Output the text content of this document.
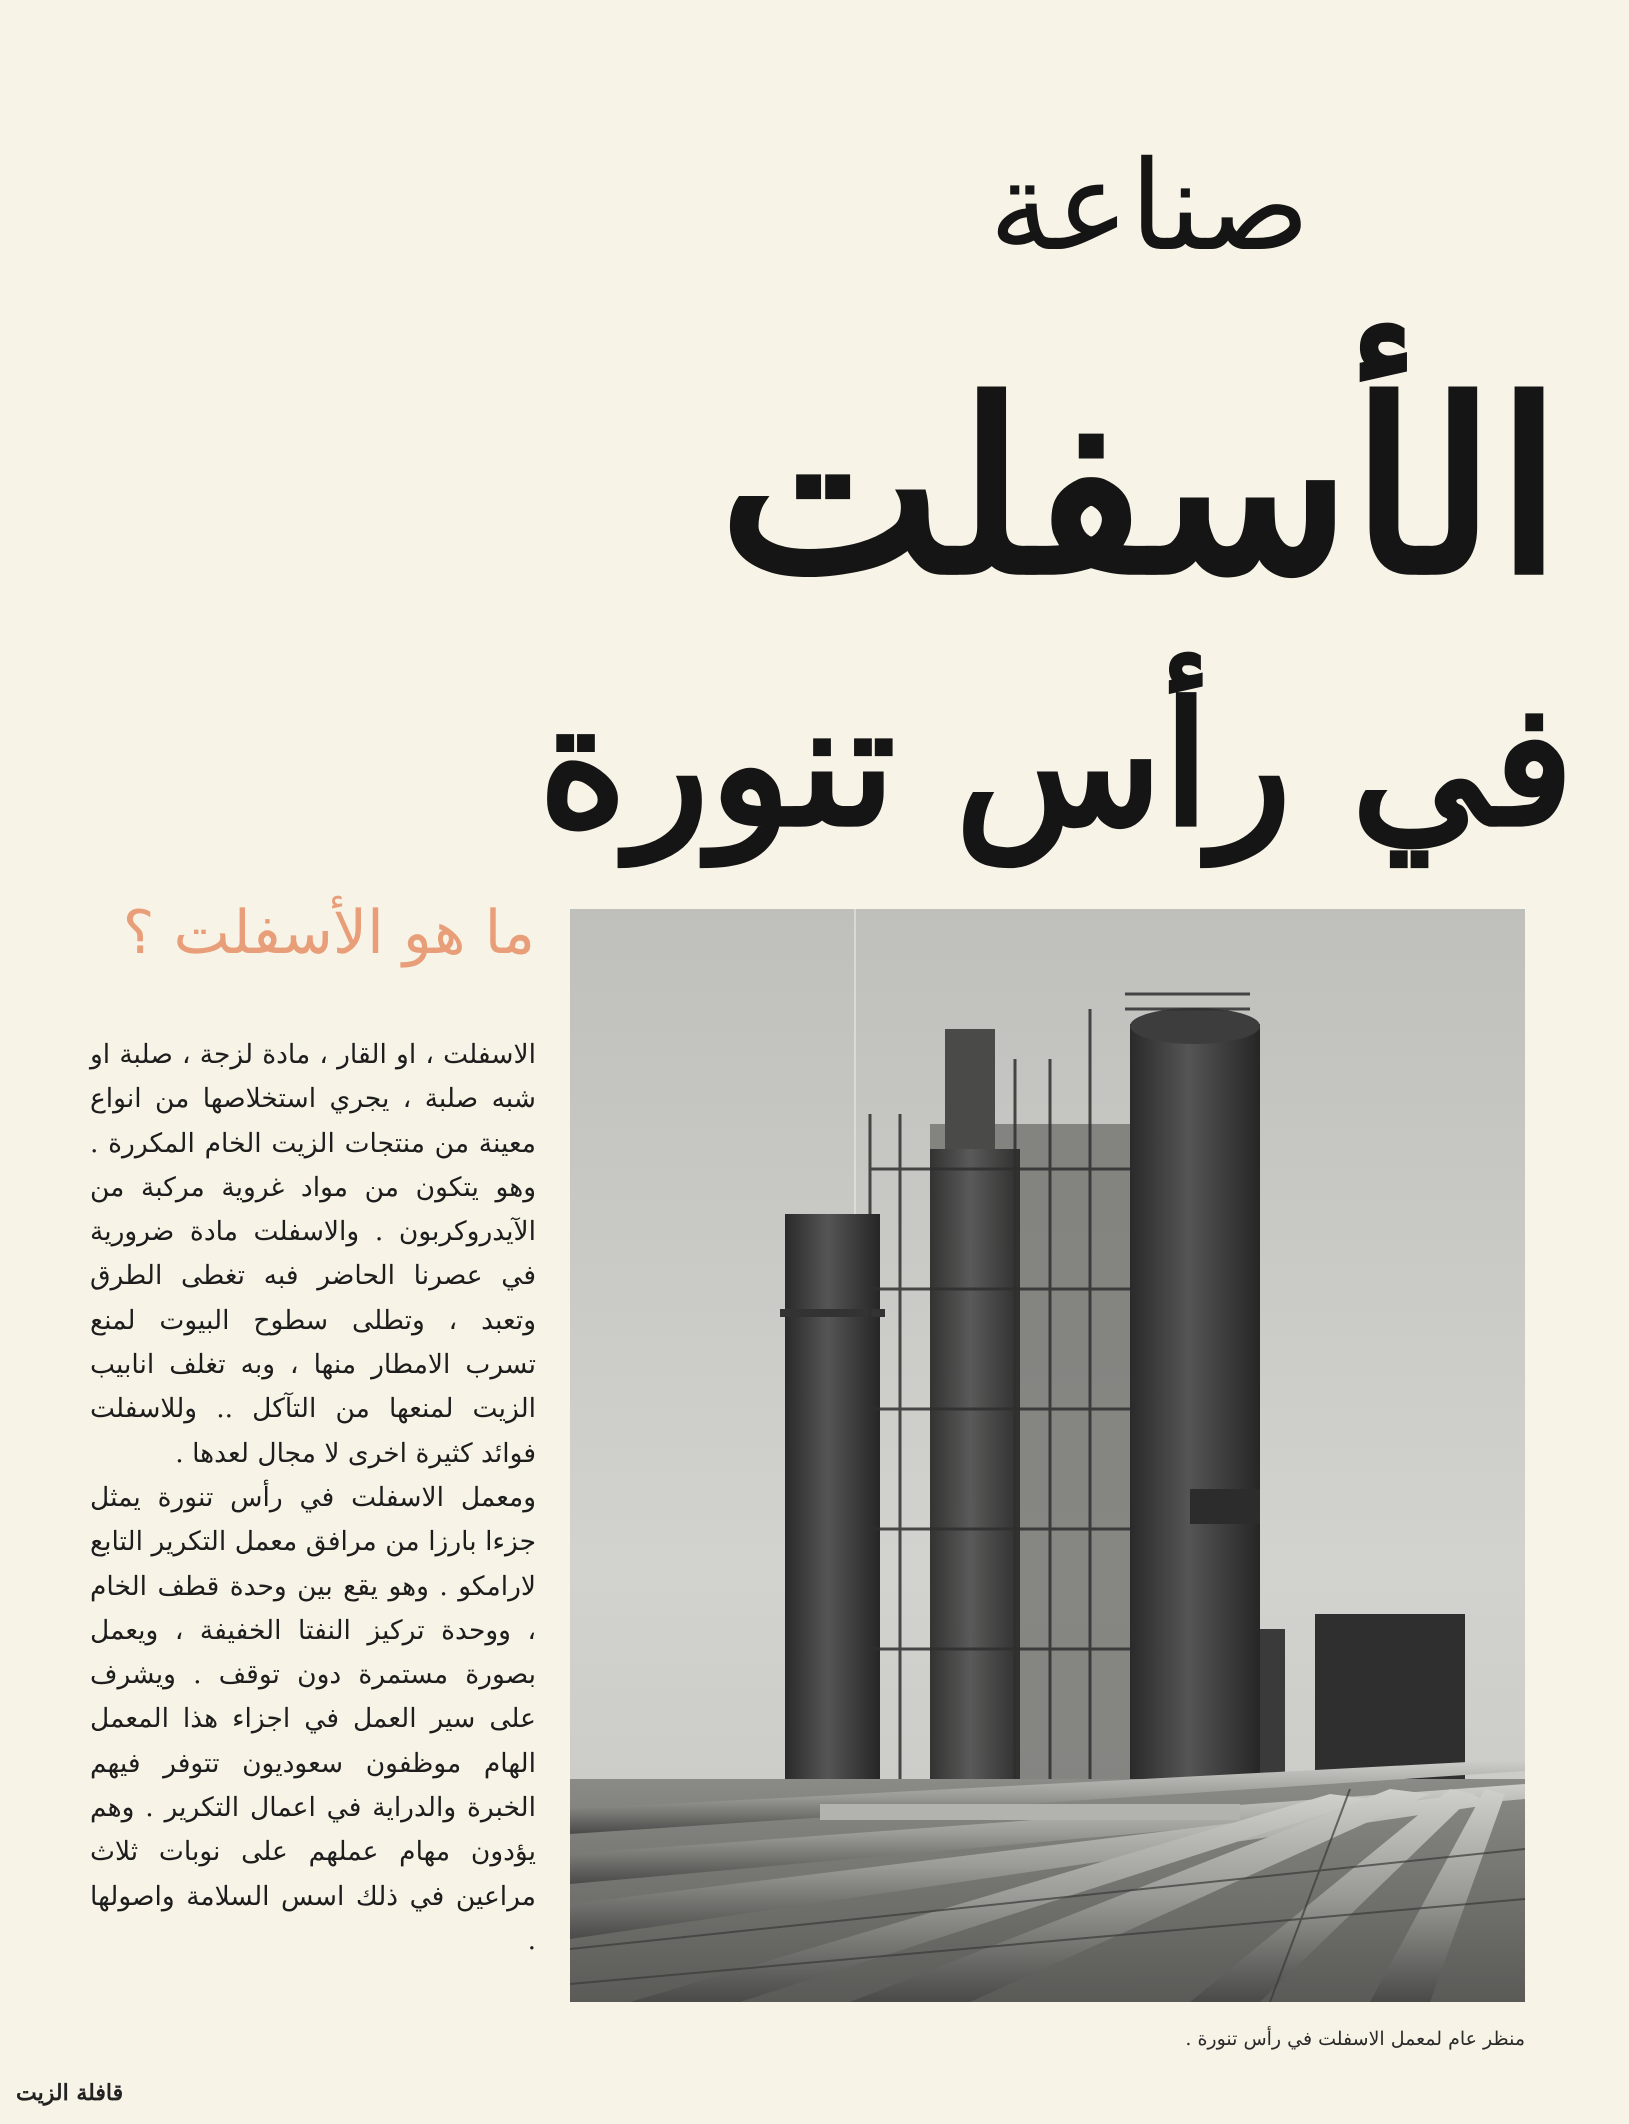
صناعة
الأسفلت
في رأس تنورة
ما هو الأسفلت ؟

الاسفلت ، او القار ، مادة لزجة ، صلبة او شبه صلبة ، يجري استخلاصها من انواع معينة من منتجات الزيت الخام المكررة . وهو يتكون من مواد غروية مركبة من الآيدروكربون . والاسفلت مادة ضرورية في عصرنا الحاضر فبه تغطى الطرق وتعبد ، وتطلى سطوح البيوت لمنع تسرب الامطار منها ، وبه تغلف انابيب الزيت لمنعها من التآكل .. وللاسفلت فوائد كثيرة اخرى لا مجال لعدها .

ومعمل الاسفلت في رأس تنورة يمثل جزءا بارزا من مرافق معمل التكرير التابع لارامكو . وهو يقع بين وحدة قطف الخام ، ووحدة تركيز النفتا الخفيفة ، ويعمل بصورة مستمرة دون توقف . ويشرف على سير العمل في اجزاء هذا المعمل الهام موظفون سعوديون تتوفر فيهم الخبرة والدراية في اعمال التكرير . وهم يؤدون مهام عملهم على نوبات ثلاث مراعين في ذلك اسس السلامة واصولها .

منظر عام لمعمل الاسفلت في رأس تنورة .
قافلة الزيت
